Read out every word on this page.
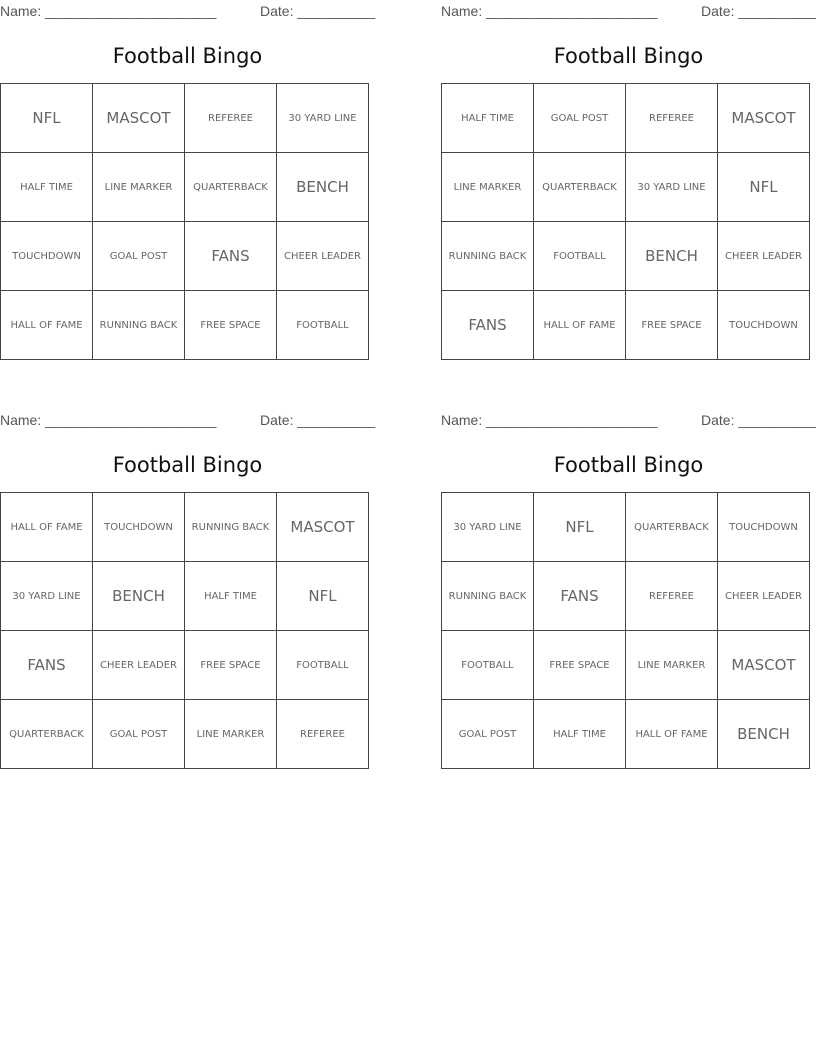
Name: ______________________	Date: __________
Football Bingo
NFL	MASCOT	REFEREE	30 YARD LINE
HALF TIME	LINE MARKER	QUARTERBACK	BENCH
TOUCHDOWN	GOAL POST	FANS	CHEER LEADER
HALL OF FAME	RUNNING BACK	FREE SPACE	FOOTBALL
Name: ______________________	Date: __________
Football Bingo
HALF TIME	GOAL POST	REFEREE	MASCOT
LINE MARKER	QUARTERBACK	30 YARD LINE	NFL
RUNNING BACK	FOOTBALL	BENCH	CHEER LEADER
FANS	HALL OF FAME	FREE SPACE	TOUCHDOWN
Name: ______________________	Date: __________
Football Bingo
HALL OF FAME	TOUCHDOWN	RUNNING BACK	MASCOT
30 YARD LINE	BENCH	HALF TIME	NFL
FANS	CHEER LEADER	FREE SPACE	FOOTBALL
QUARTERBACK	GOAL POST	LINE MARKER	REFEREE
Name: ______________________	Date: __________
Football Bingo
30 YARD LINE	NFL	QUARTERBACK	TOUCHDOWN
RUNNING BACK	FANS	REFEREE	CHEER LEADER
FOOTBALL	FREE SPACE	LINE MARKER	MASCOT
GOAL POST	HALF TIME	HALL OF FAME	BENCH
